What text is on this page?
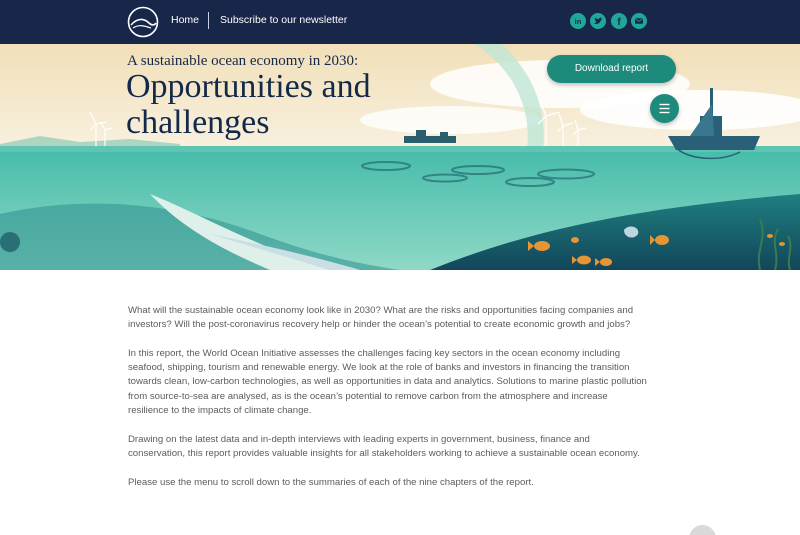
Home Subscribe to our newsletter	in	f
A sustainable ocean economy in 2030:
Opportunities and challenges
Download report

What will the sustainable ocean economy look like in 2030? What are the risks and opportunities facing companies and investors? Will the post-coronavirus recovery help or hinder the ocean’s potential to create economic growth and jobs?

In this report, the World Ocean Initiative assesses the challenges facing key sectors in the ocean economy including seafood, shipping, tourism and renewable energy. We look at the role of banks and investors in financing the transition towards clean, low-carbon technologies, as well as opportunities in data and analytics. Solutions to marine plastic pollution from source-to-sea are analysed, as is the ocean’s potential to remove carbon from the atmosphere and increase resilience to the impacts of climate change.

Drawing on the latest data and in-depth interviews with leading experts in government, business, finance and conservation, this report provides valuable insights for all stakeholders working to achieve a sustainable ocean economy.

Please use the menu to scroll down to the summaries of each of the nine chapters of the report.
